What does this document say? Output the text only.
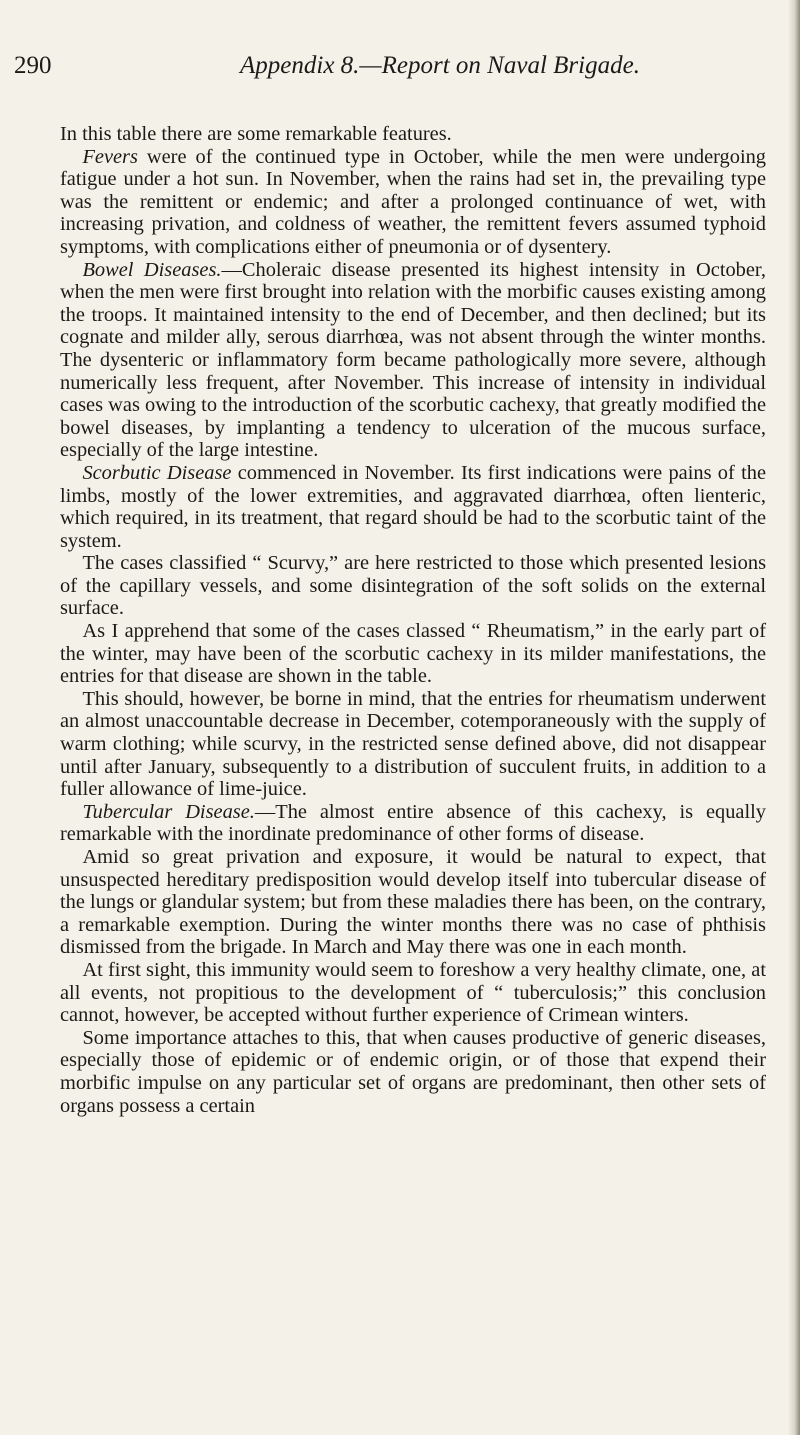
290	Appendix 8.—Report on Naval Brigade.

In this table there are some remarkable features.

Fevers were of the continued type in October, while the men were undergoing fatigue under a hot sun. In November, when the rains had set in, the prevailing type was the remittent or endemic; and after a prolonged continuance of wet, with increasing privation, and coldness of weather, the remittent fevers assumed typhoid symptoms, with complications either of pneumonia or of dysentery.

Bowel Diseases.—Choleraic disease presented its highest intensity in October, when the men were first brought into relation with the morbific causes existing among the troops. It maintained intensity to the end of December, and then declined; but its cognate and milder ally, serous diarrhœa, was not absent through the winter months. The dysenteric or inflammatory form became pathologically more severe, although numerically less frequent, after November. This increase of intensity in individual cases was owing to the introduction of the scorbutic cachexy, that greatly modified the bowel diseases, by implanting a tendency to ulceration of the mucous surface, especially of the large intestine.

Scorbutic Disease commenced in November. Its first indications were pains of the limbs, mostly of the lower extremities, and aggravated diarrhœa, often lienteric, which required, in its treatment, that regard should be had to the scorbutic taint of the system.

The cases classified “ Scurvy,” are here restricted to those which presented lesions of the capillary vessels, and some disintegration of the soft solids on the external surface.

As I apprehend that some of the cases classed “ Rheumatism,” in the early part of the winter, may have been of the scorbutic cachexy in its milder manifestations, the entries for that disease are shown in the table.

This should, however, be borne in mind, that the entries for rheumatism underwent an almost unaccountable decrease in December, cotemporaneously with the supply of warm clothing; while scurvy, in the restricted sense defined above, did not disappear until after January, subsequently to a distribution of succulent fruits, in addition to a fuller allowance of lime-juice.

Tubercular Disease.—The almost entire absence of this cachexy, is equally remarkable with the inordinate predominance of other forms of disease.

Amid so great privation and exposure, it would be natural to expect, that unsuspected hereditary predisposition would develop itself into tubercular disease of the lungs or glandular system; but from these maladies there has been, on the contrary, a remarkable exemption. During the winter months there was no case of phthisis dismissed from the brigade. In March and May there was one in each month.

At first sight, this immunity would seem to foreshow a very healthy climate, one, at all events, not propitious to the development of “ tuberculosis;” this conclusion cannot, however, be accepted without further experience of Crimean winters.

Some importance attaches to this, that when causes productive of generic diseases, especially those of epidemic or of endemic origin, or of those that expend their morbific impulse on any particular set of organs are predominant, then other sets of organs possess a certain
